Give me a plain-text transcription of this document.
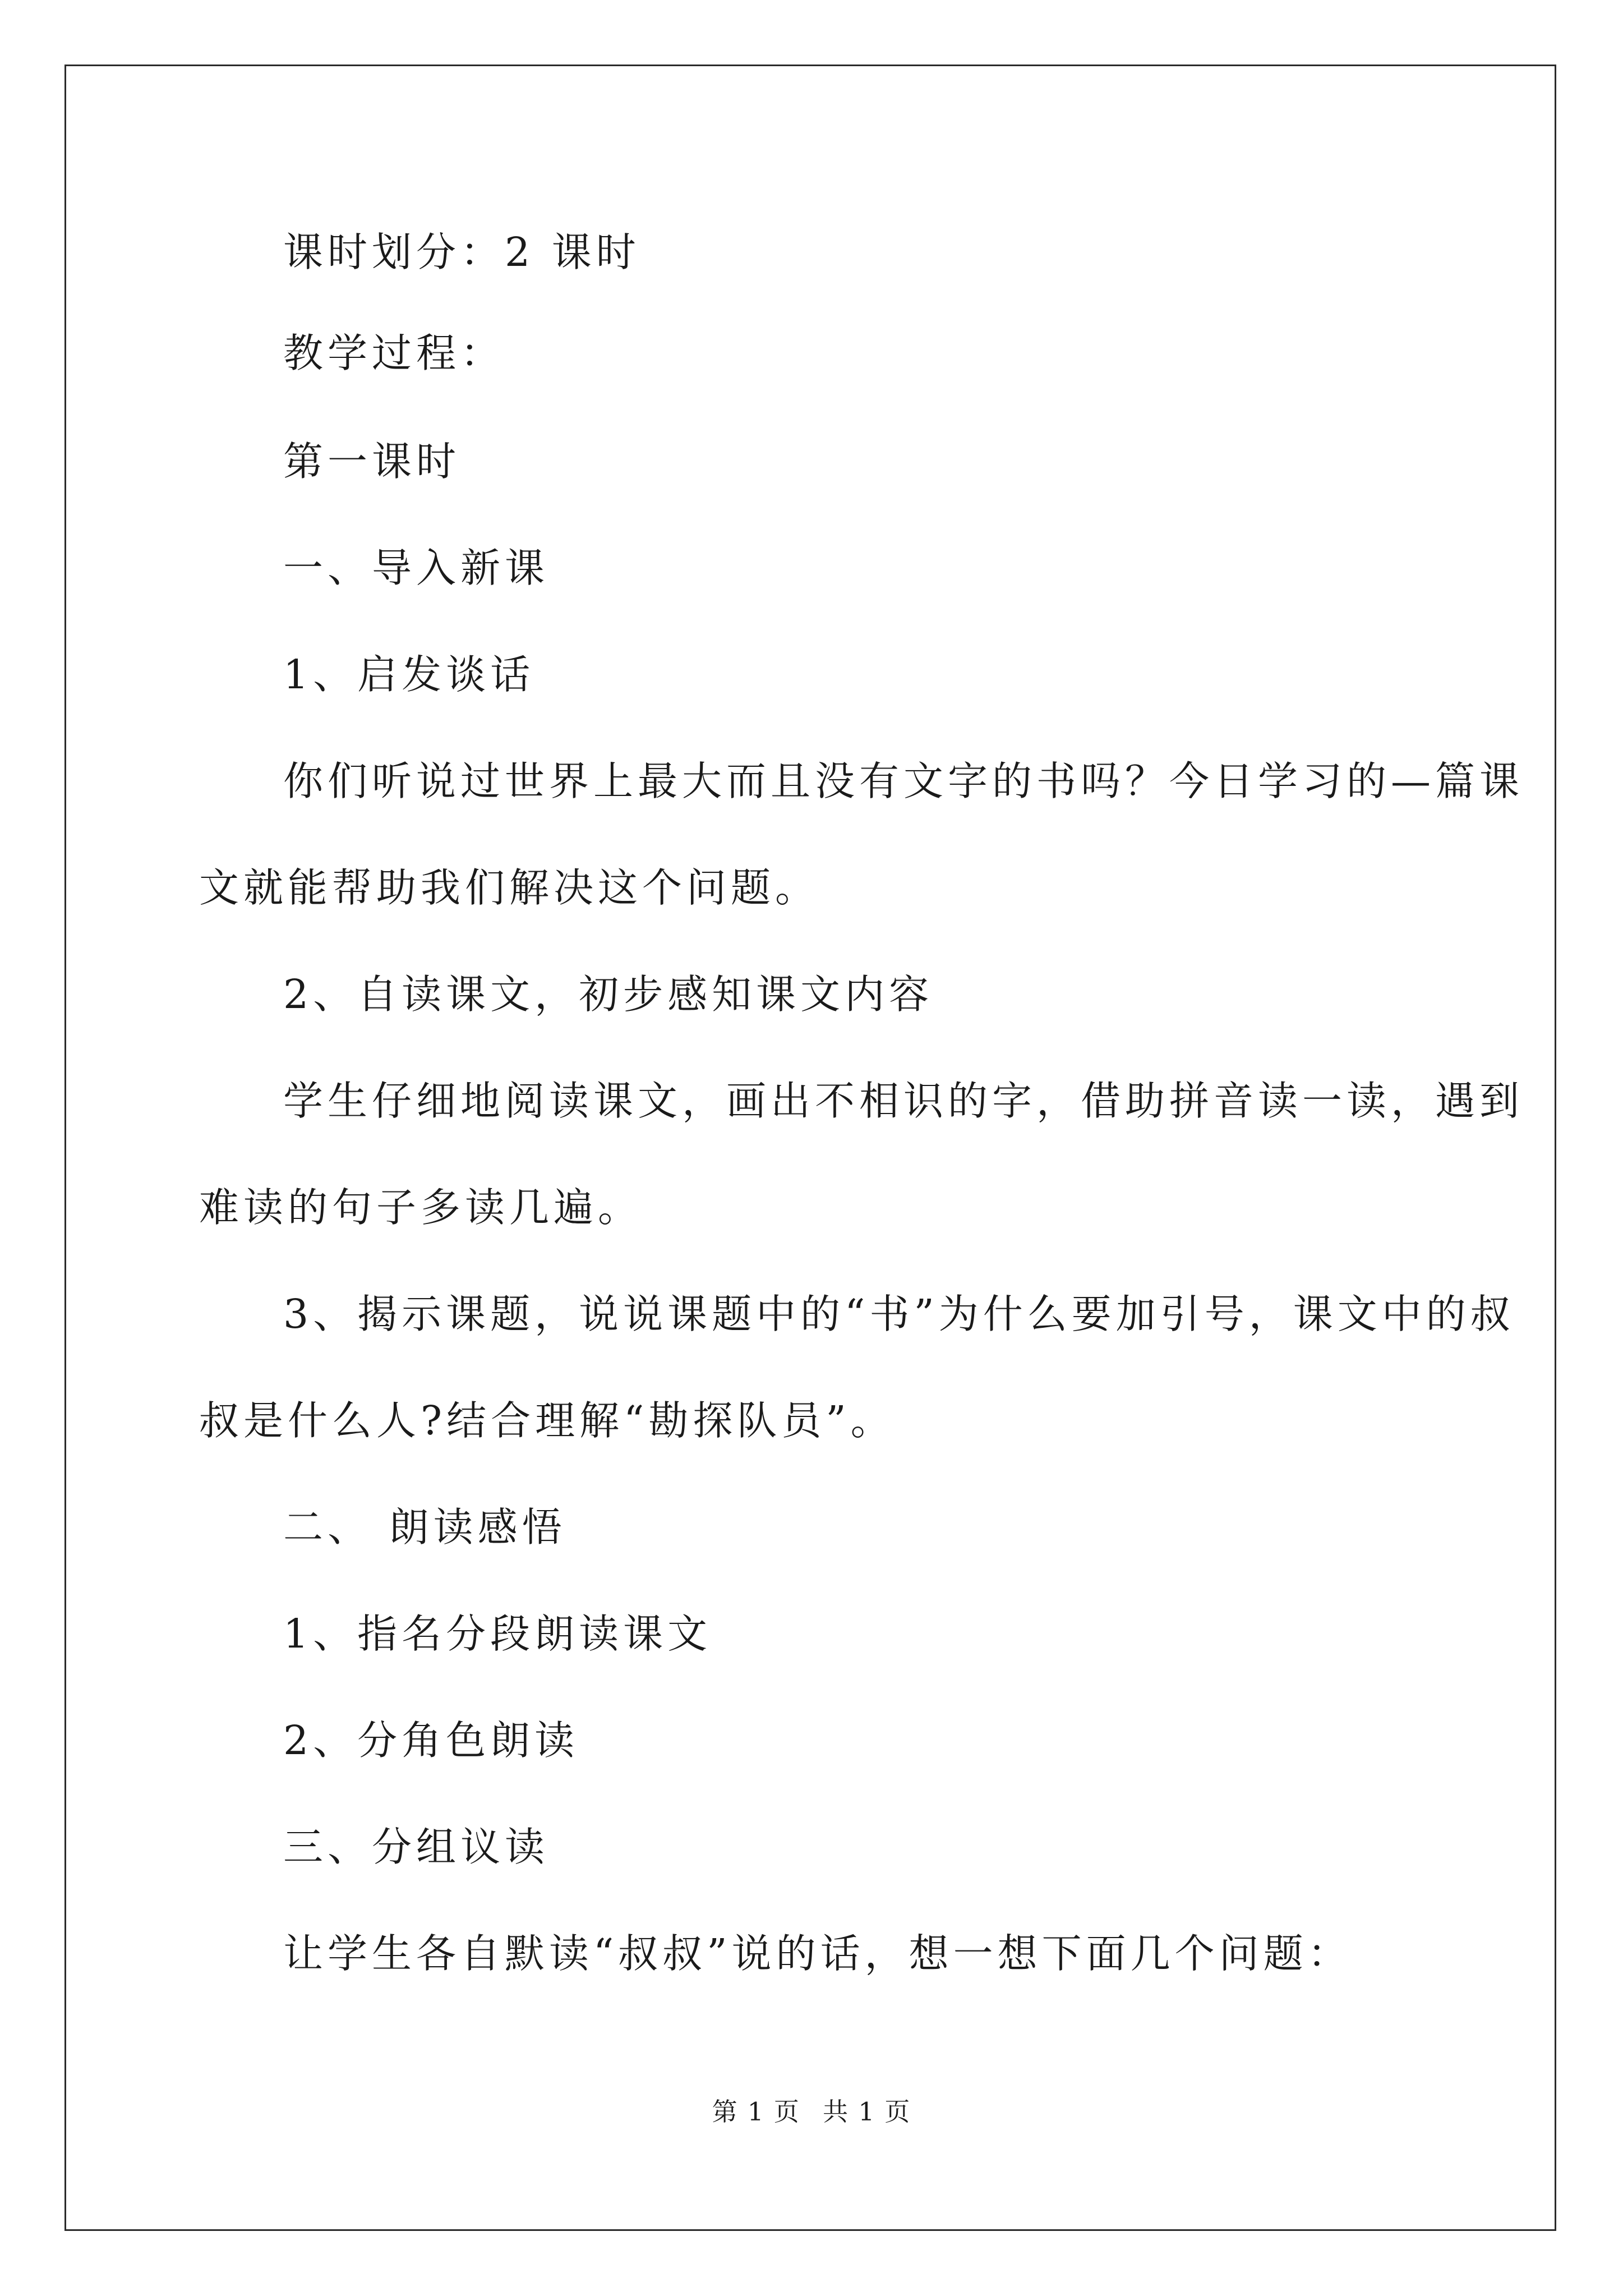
课时划分：2 课时
教学过程：
第一课时
一、导入新课
1、启发谈话
你们听说过世界上最大而且没有文字的书吗？今日学习的—篇课
文就能帮助我们解决这个问题。
2、自读课文，初步感知课文内容
学生仔细地阅读课文，画出不相识的字，借助拼音读一读，遇到
难读的句子多读几遍。
3、揭示课题，说说课题中的“书”为什么要加引号，课文中的叔
叔是什么人?结合理解“勘探队员”。
二、 朗读感悟
1、指名分段朗读课文
2、分角色朗读
三、分组议读
让学生各自默读“叔叔”说的话，想一想下面几个问题：
第 1 页 共 1 页
